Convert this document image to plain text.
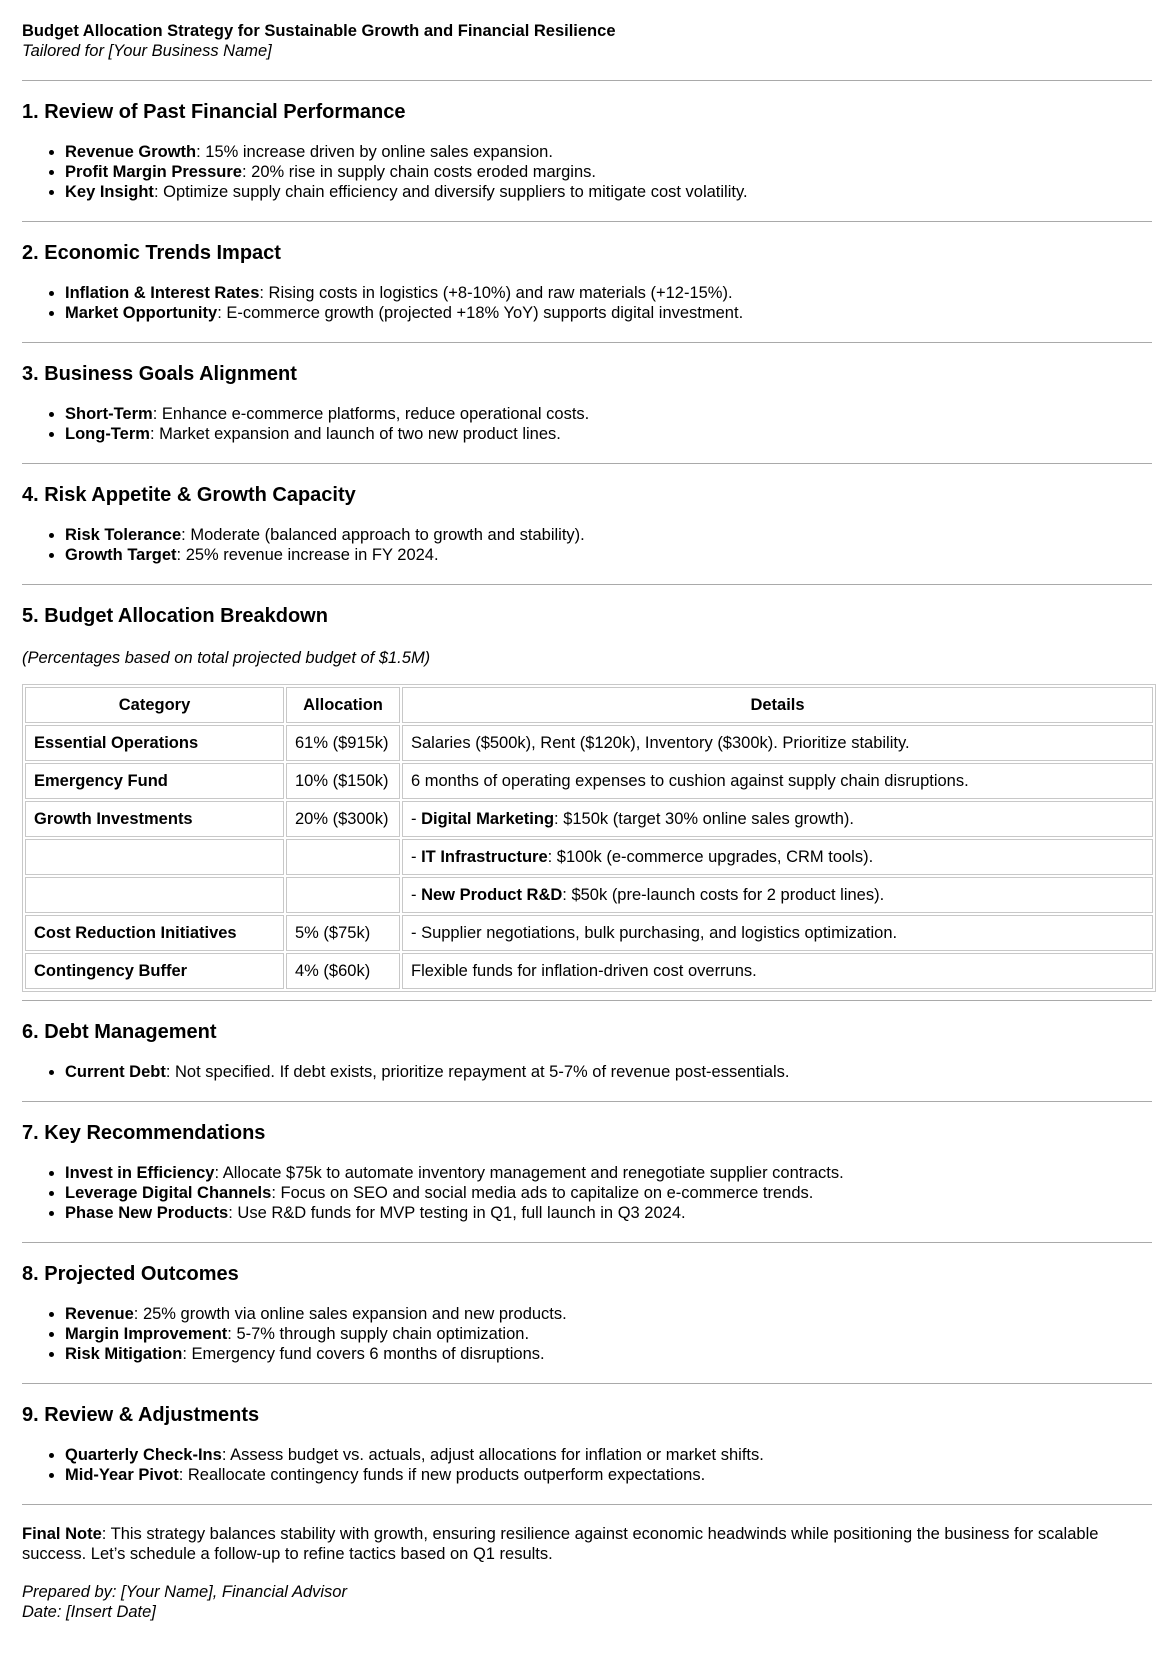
Budget Allocation Strategy for Sustainable Growth and Financial Resilience
Tailored for [Your Business Name]
1. Review of Past Financial Performance
• Revenue Growth: 15% increase driven by online sales expansion.
• Profit Margin Pressure: 20% rise in supply chain costs eroded margins.
• Key Insight: Optimize supply chain efficiency and diversify suppliers to mitigate cost volatility.
2. Economic Trends Impact
• Inflation & Interest Rates: Rising costs in logistics (+8-10%) and raw materials (+12-15%).
• Market Opportunity: E-commerce growth (projected +18% YoY) supports digital investment.
3. Business Goals Alignment
• Short-Term: Enhance e-commerce platforms, reduce operational costs.
• Long-Term: Market expansion and launch of two new product lines.
4. Risk Appetite & Growth Capacity
• Risk Tolerance: Moderate (balanced approach to growth and stability).
• Growth Target: 25% revenue increase in FY 2024.
5. Budget Allocation Breakdown

(Percentages based on total projected budget of $1.5M)

Category	Allocation	Details
Essential Operations	61% ($915k)	Salaries ($500k), Rent ($120k), Inventory ($300k). Prioritize stability.
Emergency Fund	10% ($150k)	6 months of operating expenses to cushion against supply chain disruptions.
Growth Investments	20% ($300k)	- Digital Marketing: $150k (target 30% online sales growth).
		- IT Infrastructure: $100k (e-commerce upgrades, CRM tools).
		- New Product R&D: $50k (pre-launch costs for 2 product lines).
Cost Reduction Initiatives	5% ($75k)	- Supplier negotiations, bulk purchasing, and logistics optimization.
Contingency Buffer	4% ($60k)	Flexible funds for inflation-driven cost overruns.
6. Debt Management
• Current Debt: Not specified. If debt exists, prioritize repayment at 5-7% of revenue post-essentials.
7. Key Recommendations
• Invest in Efficiency: Allocate $75k to automate inventory management and renegotiate supplier contracts.
• Leverage Digital Channels: Focus on SEO and social media ads to capitalize on e-commerce trends.
• Phase New Products: Use R&D funds for MVP testing in Q1, full launch in Q3 2024.
8. Projected Outcomes
• Revenue: 25% growth via online sales expansion and new products.
• Margin Improvement: 5-7% through supply chain optimization.
• Risk Mitigation: Emergency fund covers 6 months of disruptions.
9. Review & Adjustments
• Quarterly Check-Ins: Assess budget vs. actuals, adjust allocations for inflation or market shifts.
• Mid-Year Pivot: Reallocate contingency funds if new products outperform expectations.

Final Note: This strategy balances stability with growth, ensuring resilience against economic headwinds while positioning the business for scalable success. Let’s schedule a follow-up to refine tactics based on Q1 results.

Prepared by: [Your Name], Financial Advisor
Date: [Insert Date]
